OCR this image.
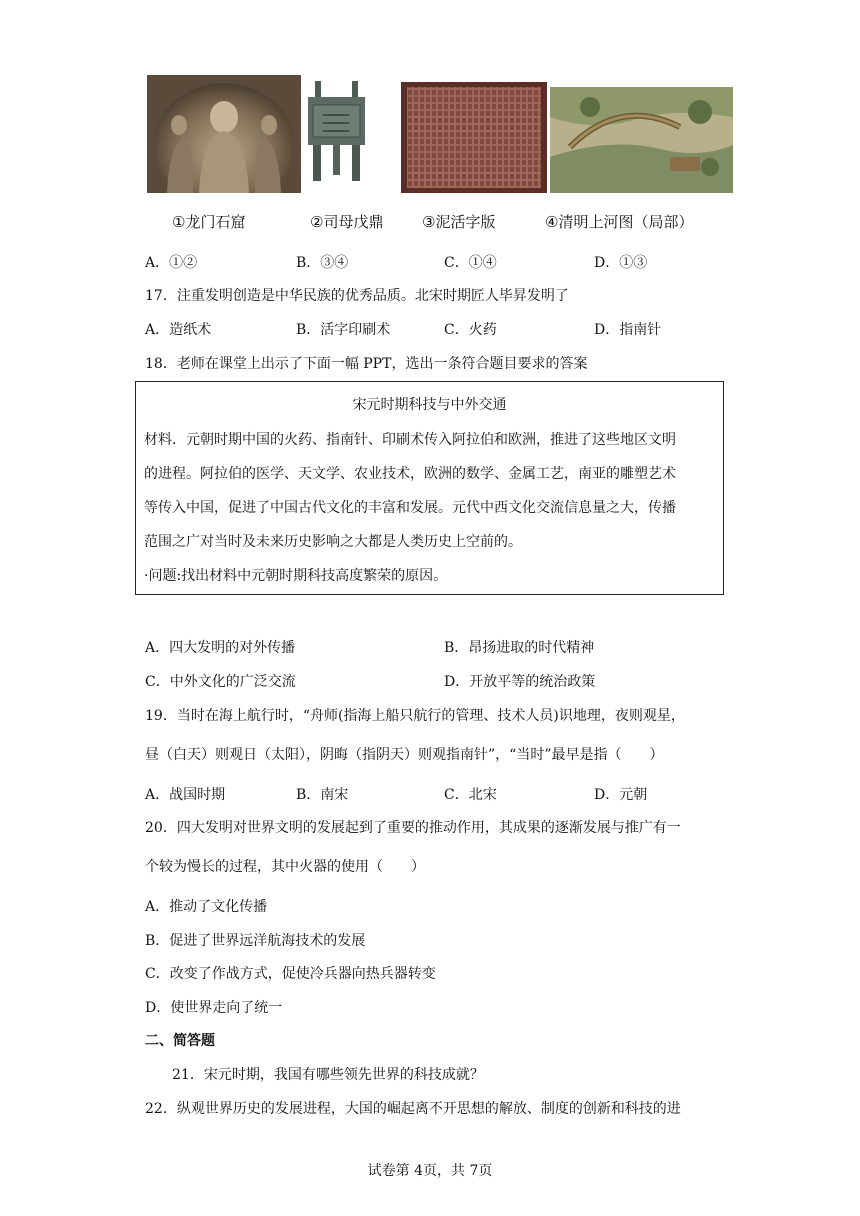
①龙门石窟	②司母戊鼎	③泥活字版	④清明上河图（局部）
A．①②	B．③④	C．①④	D．①③
17．注重发明创造是中华民族的优秀品质。北宋时期匠人毕昇发明了
A．造纸术	B．活字印刷术	C．火药	D．指南针
18．老师在课堂上出示了下面一幅 PPT，选出一条符合题目要求的答案
宋元时期科技与中外交通
材料．元朝时期中国的火药、指南针、印刷术传入阿拉伯和欧洲，推进了这些地区文明
的进程。阿拉伯的医学、天文学、农业技术，欧洲的数学、金属工艺，南亚的雕塑艺术
等传入中国，促进了中国古代文化的丰富和发展。元代中西文化交流信息量之大，传播
范围之广对当时及未来历史影响之大都是人类历史上空前的。
·问题:找出材料中元朝时期科技高度繁荣的原因。
A．四大发明的对外传播	B．昂扬进取的时代精神
C．中外文化的广泛交流	D．开放平等的统治政策
19．当时在海上航行时，“舟师(指海上船只航行的管理、技术人员)识地理，夜则观星，
昼（白天）则观日（太阳），阴晦（指阴天）则观指南针”，“当时”最早是指（　　）
A．战国时期	B．南宋	C．北宋	D．元朝
20．四大发明对世界文明的发展起到了重要的推动作用，其成果的逐渐发展与推广有一
个较为慢长的过程，其中火器的使用（　　）
A．推动了文化传播
B．促进了世界远洋航海技术的发展
C．改变了作战方式，促使冷兵器向热兵器转变
D．使世界走向了统一
二、简答题
21．宋元时期，我国有哪些领先世界的科技成就？
22．纵观世界历史的发展进程，大国的崛起离不开思想的解放、制度的创新和科技的进
试卷第 4页，共 7页
